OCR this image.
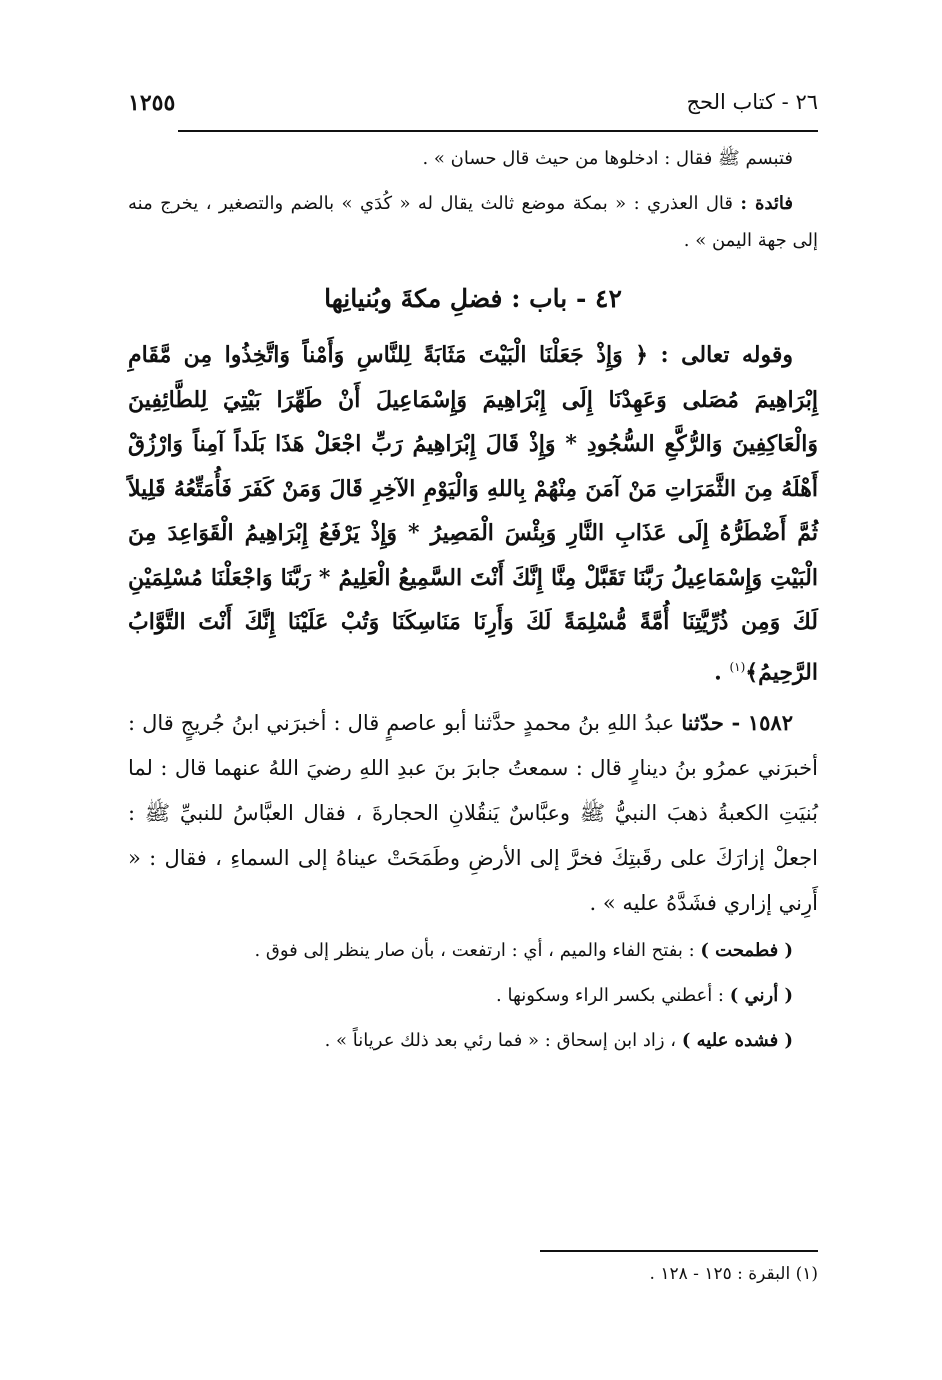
٢٦ - كتاب الحج
١٢٥٥

فتبسم ﷺ فقال : ادخلوها من حيث قال حسان » .

فائدة : قال العذري : « بمكة موضع ثالث يقال له « كُدَي » بالضم والتصغير ، يخرج منه إلى جهة اليمن » .

٤٢ - باب : فضلِ مكةَ وبُنيانِها

وقوله تعالى : ﴿ وَإِذْ جَعَلْنَا الْبَيْتَ مَثَابَةً لِلنَّاسِ وَأَمْناً وَاتَّخِذُوا مِن مَّقَامِ إِبْرَاهِيمَ مُصَلى وَعَهِدْنَا إِلَى إِبْرَاهِيمَ وَإِسْمَاعِيلَ أَنْ طَهِّرَا بَيْتِيَ لِلطَّائِفِينَ وَالْعَاكِفِينَ وَالرُّكَّعِ السُّجُودِ * وَإِذْ قَالَ إِبْرَاهِيمُ رَبِّ اجْعَلْ هَذَا بَلَداً آمِناً وَارْزُقْ أَهْلَهُ مِنَ الثَّمَرَاتِ مَنْ آمَنَ مِنْهُمْ بِاللهِ وَالْيَوْمِ الآخِرِ قَالَ وَمَنْ كَفَرَ فَأُمَتِّعُهُ قَلِيلاً ثُمَّ أَضْطَرُّهُ إِلَى عَذَابِ النَّارِ وَبِئْسَ الْمَصِيرُ * وَإِذْ يَرْفَعُ إِبْرَاهِيمُ الْقَوَاعِدَ مِنَ الْبَيْتِ وَإِسْمَاعِيلُ رَبَّنَا تَقَبَّلْ مِنَّا إِنَّكَ أَنْتَ السَّمِيعُ الْعَلِيمُ * رَبَّنَا وَاجْعَلْنَا مُسْلِمَيْنِ لَكَ وَمِن ذُرِّيَّتِنَا أُمَّةً مُّسْلِمَةً لَكَ وَأَرِنَا مَنَاسِكَنَا وَتُبْ عَلَيْنَا إِنَّكَ أَنْتَ التَّوَّابُ الرَّحِيمُ﴾$^{(١)}$ .

١٥٨٢ - حدّثنا عبدُ اللهِ بنُ محمدٍ حدَّثنا أبو عاصمٍ قال : أخبرَني ابنُ جُريجٍ قال : أخبرَني عمرُو بنُ دينارٍ قال : سمعتُ جابرَ بنَ عبدِ اللهِ رضيَ اللهُ عنهما قال : لما بُنيَتِ الكعبةُ ذهبَ النبيُّ ﷺ وعبَّاسٌ يَنقُلانِ الحجارةَ ، فقال العبَّاسُ للنبيِّ ﷺ : اجعلْ إزارَكَ على رقَبتِكَ فخرَّ إلى الأرضِ وطَمَحَتْ عيناهُ إلى السماءِ ، فقال : « أَرِني إزاري فشَدَّهُ عليه » .

( فطمحت ) : بفتح الفاء والميم ، أي : ارتفعت ، بأن صار ينظر إلى فوق .

( أرني ) : أعطني بكسر الراء وسكونها .

( فشده عليه ) ، زاد ابن إسحاق : « فما رئي بعد ذلك عرياناً » .

(١) البقرة : ١٢٥ - ١٢٨ .
